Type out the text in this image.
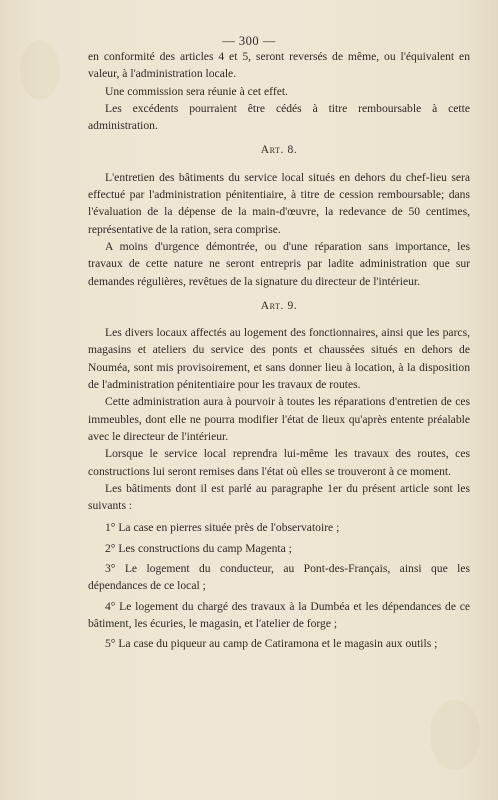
— 300 —

en conformité des articles 4 et 5, seront reversés de même, ou l'équivalent en valeur, à l'administration locale.

Une commission sera réunie à cet effet.

Les excédents pourraient être cédés à titre remboursable à cette administration.

Art. 8.

L'entretien des bâtiments du service local situés en dehors du chef-lieu sera effectué par l'administration pénitentiaire, à titre de cession remboursable; dans l'évaluation de la dépense de la main-d'œuvre, la redevance de 50 centimes, représentative de la ration, sera comprise.

A moins d'urgence démontrée, ou d'une réparation sans importance, les travaux de cette nature ne seront entrepris par ladite administration que sur demandes régulières, revêtues de la signature du directeur de l'intérieur.

Art. 9.

Les divers locaux affectés au logement des fonctionnaires, ainsi que les parcs, magasins et ateliers du service des ponts et chaussées situés en dehors de Nouméa, sont mis provisoirement, et sans donner lieu à location, à la disposition de l'administration pénitentiaire pour les travaux de routes.

Cette administration aura à pourvoir à toutes les réparations d'entretien de ces immeubles, dont elle ne pourra modifier l'état de lieux qu'après entente préalable avec le directeur de l'intérieur.

Lorsque le service local reprendra lui-même les travaux des routes, ces constructions lui seront remises dans l'état où elles se trouveront à ce moment.

Les bâtiments dont il est parlé au paragraphe 1er du présent article sont les suivants :

1° La case en pierres située près de l'observatoire ;

2° Les constructions du camp Magenta ;

3° Le logement du conducteur, au Pont-des-Français, ainsi que les dépendances de ce local ;

4° Le logement du chargé des travaux à la Dumbéa et les dépendances de ce bâtiment, les écuries, le magasin, et l'atelier de forge ;

5° La case du piqueur au camp de Catiramona et le magasin aux outils ;
